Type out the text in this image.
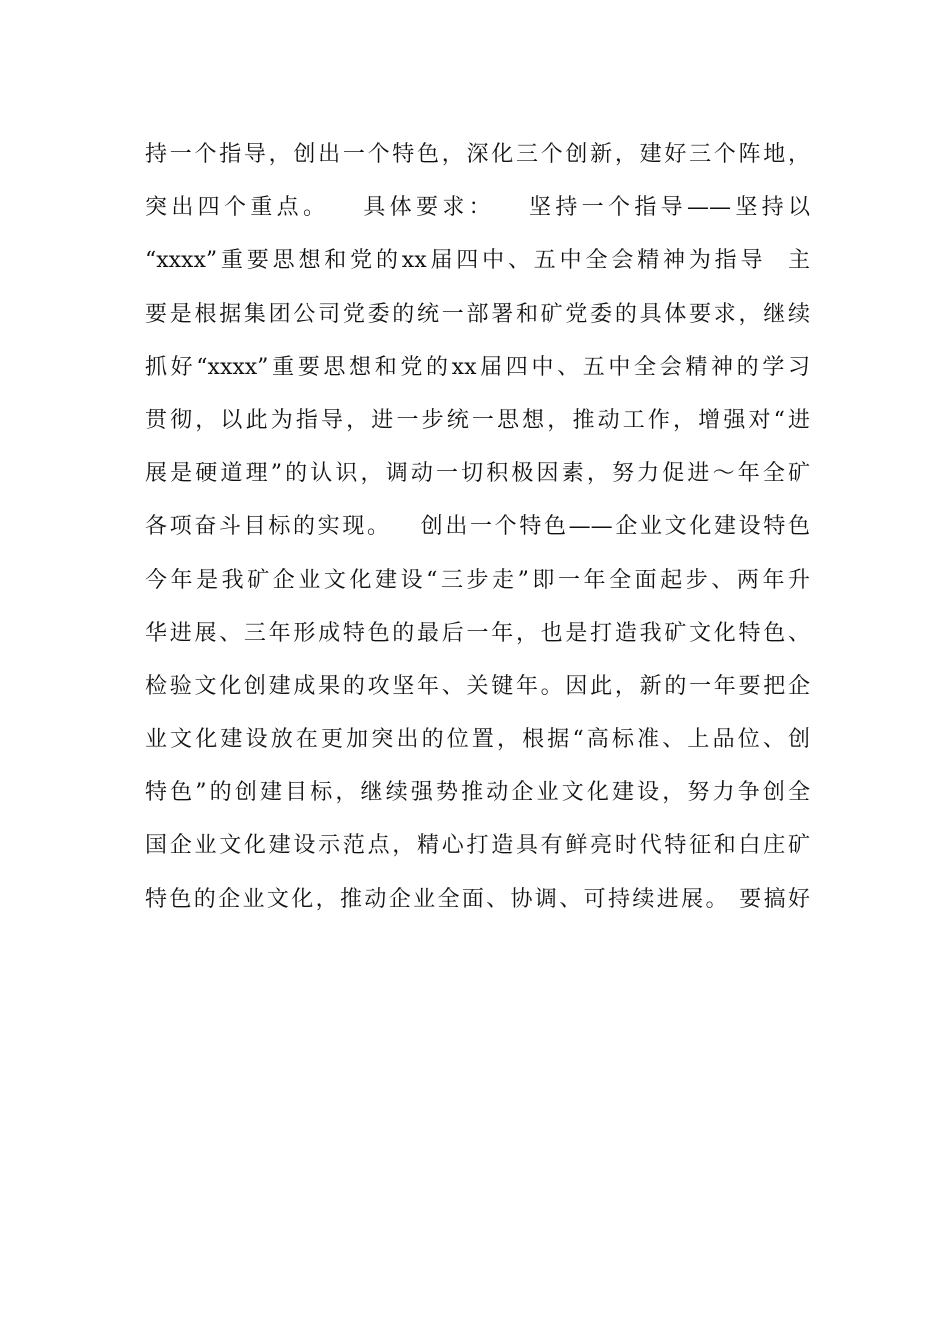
持一个指导，创出一个特色，深化三个创新，建好三个阵地，
突出四个重点。   具体要求：   坚持一个指导——坚持以
“xxxx”重要思想和党的xx届四中、五中全会精神为指导  主
要是根据集团公司党委的统一部署和矿党委的具体要求，继续
抓好“xxxx”重要思想和党的xx届四中、五中全会精神的学习
贯彻，以此为指导，进一步统一思想，推动工作，增强对“进
展是硬道理”的认识，调动一切积极因素，努力促进～年全矿
各项奋斗目标的实现。   创出一个特色——企业文化建设特色
今年是我矿企业文化建设“三步走”即一年全面起步、两年升
华进展、三年形成特色的最后一年，也是打造我矿文化特色、
检验文化创建成果的攻坚年、关键年。因此，新的一年要把企
业文化建设放在更加突出的位置，根据“高标准、上品位、创
特色”的创建目标，继续强势推动企业文化建设，努力争创全
国企业文化建设示范点，精心打造具有鲜亮时代特征和白庄矿
特色的企业文化，推动企业全面、协调、可持续进展。 要搞好
